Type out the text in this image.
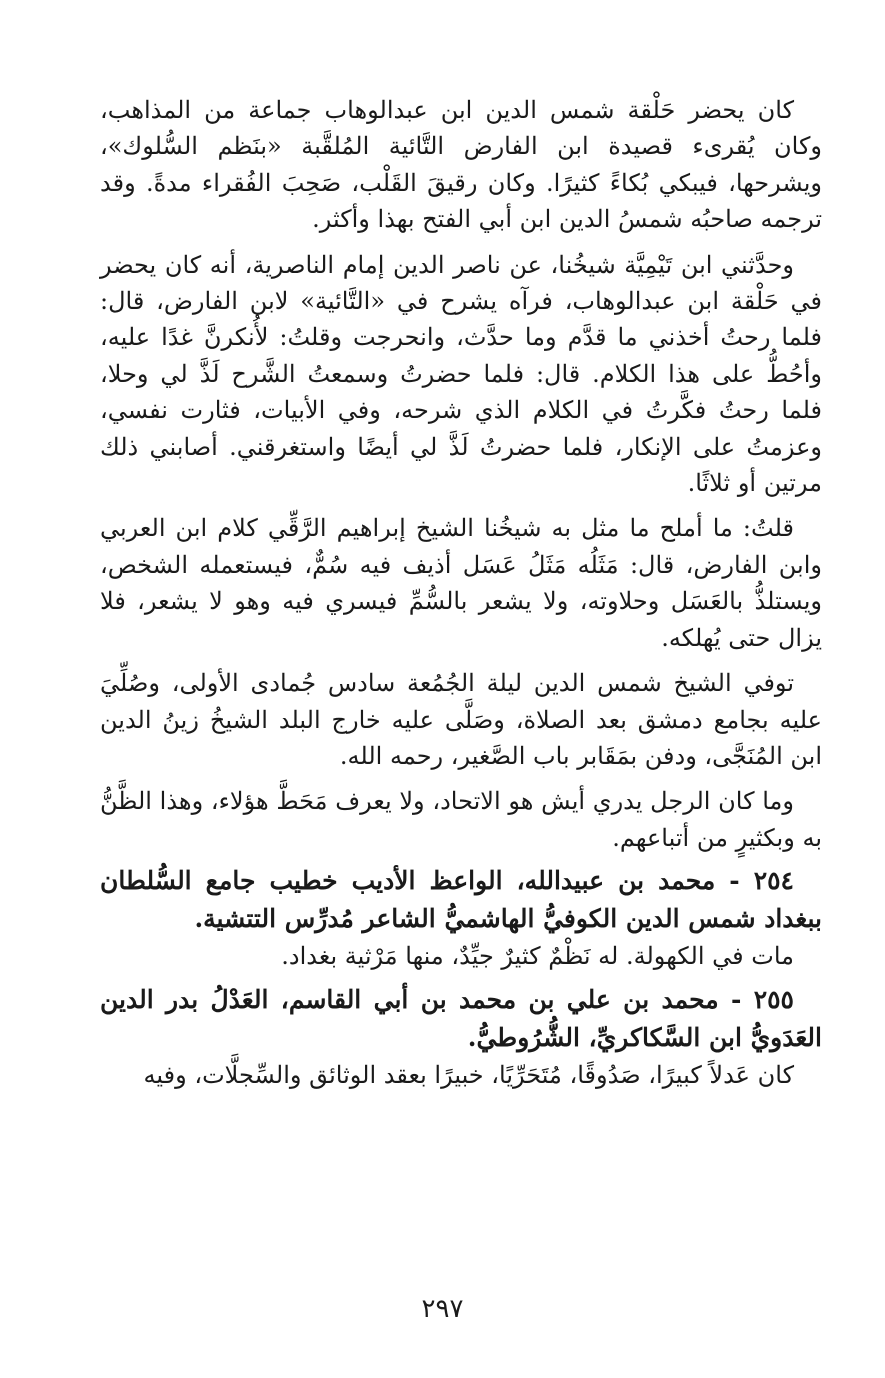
كان يحضر حَلْقة شمس الدين ابن عبدالوهاب جماعة من المذاهب، وكان يُقرىء قصيدة ابن الفارض التَّائية المُلقَّبة «بنَظم السُّلوك»، ويشرحها، فيبكي بُكاءً كثيرًا. وكان رقيقَ القَلْب، صَحِبَ الفُقراء مدةً. وقد ترجمه صاحبُه شمسُ الدين ابن أبي الفتح بهذا وأكثر.

وحدَّثني ابن تَيْمِيَّة شيخُنا، عن ناصر الدين إمام الناصرية، أنه كان يحضر في حَلْقة ابن عبدالوهاب، فرآه يشرح في «التَّائية» لابن الفارض، قال: فلما رحتُ أخذني ما قدَّم وما حدَّث، وانحرجت وقلتُ: لأُنكرنَّ غدًا عليه، وأحُطُّ على هذا الكلام. قال: فلما حضرتُ وسمعتُ الشَّرح لَذَّ لي وحلا، فلما رحتُ فكَّرتُ في الكلام الذي شرحه، وفي الأبيات، فثارت نفسي، وعزمتُ على الإنكار، فلما حضرتُ لَذَّ لي أيضًا واستغرقني. أصابني ذلك مرتين أو ثلاثًا.

قلتُ: ما أملح ما مثل به شيخُنا الشيخ إبراهيم الرَّقِّي كلام ابن العربي وابن الفارض، قال: مَثَلُه مَثَلُ عَسَل أذيف فيه سُمٌّ، فيستعمله الشخص، ويستلذُّ بالعَسَل وحلاوته، ولا يشعر بالسُّمِّ فيسري فيه وهو لا يشعر، فلا يزال حتى يُهلكه.

توفي الشيخ شمس الدين ليلة الجُمُعة سادس جُمادى الأولى، وصُلِّيَ عليه بجامع دمشق بعد الصلاة، وصَلَّى عليه خارج البلد الشيخُ زينُ الدين ابن المُنَجَّى، ودفن بمَقَابر باب الصَّغير، رحمه الله.

وما كان الرجل يدري أيش هو الاتحاد، ولا يعرف مَحَطَّ هؤلاء، وهذا الظَّنُّ به وبكثيرٍ من أتباعهم.

٢٥٤ - محمد بن عبيدالله، الواعظ الأديب خطيب جامع السُّلطان ببغداد شمس الدين الكوفيُّ الهاشميُّ الشاعر مُدرِّس التتشية.

مات في الكهولة. له نَظْمٌ كثيرٌ جيِّدٌ، منها مَرْثية بغداد.

٢٥٥ - محمد بن علي بن محمد بن أبي القاسم، العَدْلُ بدر الدين العَدَويُّ ابن السَّكاكريِّ، الشُّرُوطيُّ.

كان عَدلاً كبيرًا، صَدُوقًا، مُتَحَرِّيًا، خبيرًا بعقد الوثائق والسِّجلَّات، وفيه

٢٩٧
